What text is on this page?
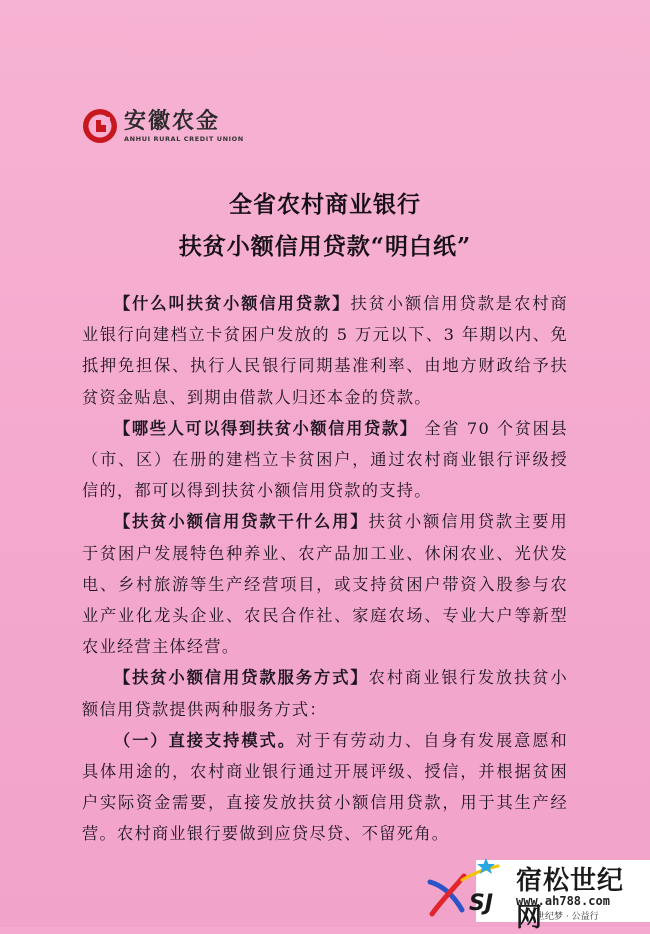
安徽农金
ANHUI RURAL CREDIT UNION
全省农村商业银行
扶贫小额信用贷款“明白纸”

【什么叫扶贫小额信用贷款】扶贫小额信用贷款是农村商业银行向建档立卡贫困户发放的 5 万元以下、3 年期以内、免抵押免担保、执行人民银行同期基准利率、由地方财政给予扶贫资金贴息、到期由借款人归还本金的贷款。

【哪些人可以得到扶贫小额信用贷款】 全省 70 个贫困县（市、区）在册的建档立卡贫困户，通过农村商业银行评级授信的，都可以得到扶贫小额信用贷款的支持。

【扶贫小额信用贷款干什么用】扶贫小额信用贷款主要用于贫困户发展特色种养业、农产品加工业、休闲农业、光伏发电、乡村旅游等生产经营项目，或支持贫困户带资入股参与农业产业化龙头企业、农民合作社、家庭农场、专业大户等新型农业经营主体经营。

【扶贫小额信用贷款服务方式】农村商业银行发放扶贫小额信用贷款提供两种服务方式：

（一）直接支持模式。对于有劳动力、自身有发展意愿和具体用途的，农村商业银行通过开展评级、授信，并根据贫困户实际资金需要，直接发放扶贫小额信用贷款，用于其生产经营。农村商业银行要做到应贷尽贷、不留死角。

SJ
宿松世纪网
www.ah788.com
世纪梦 · 公益行
